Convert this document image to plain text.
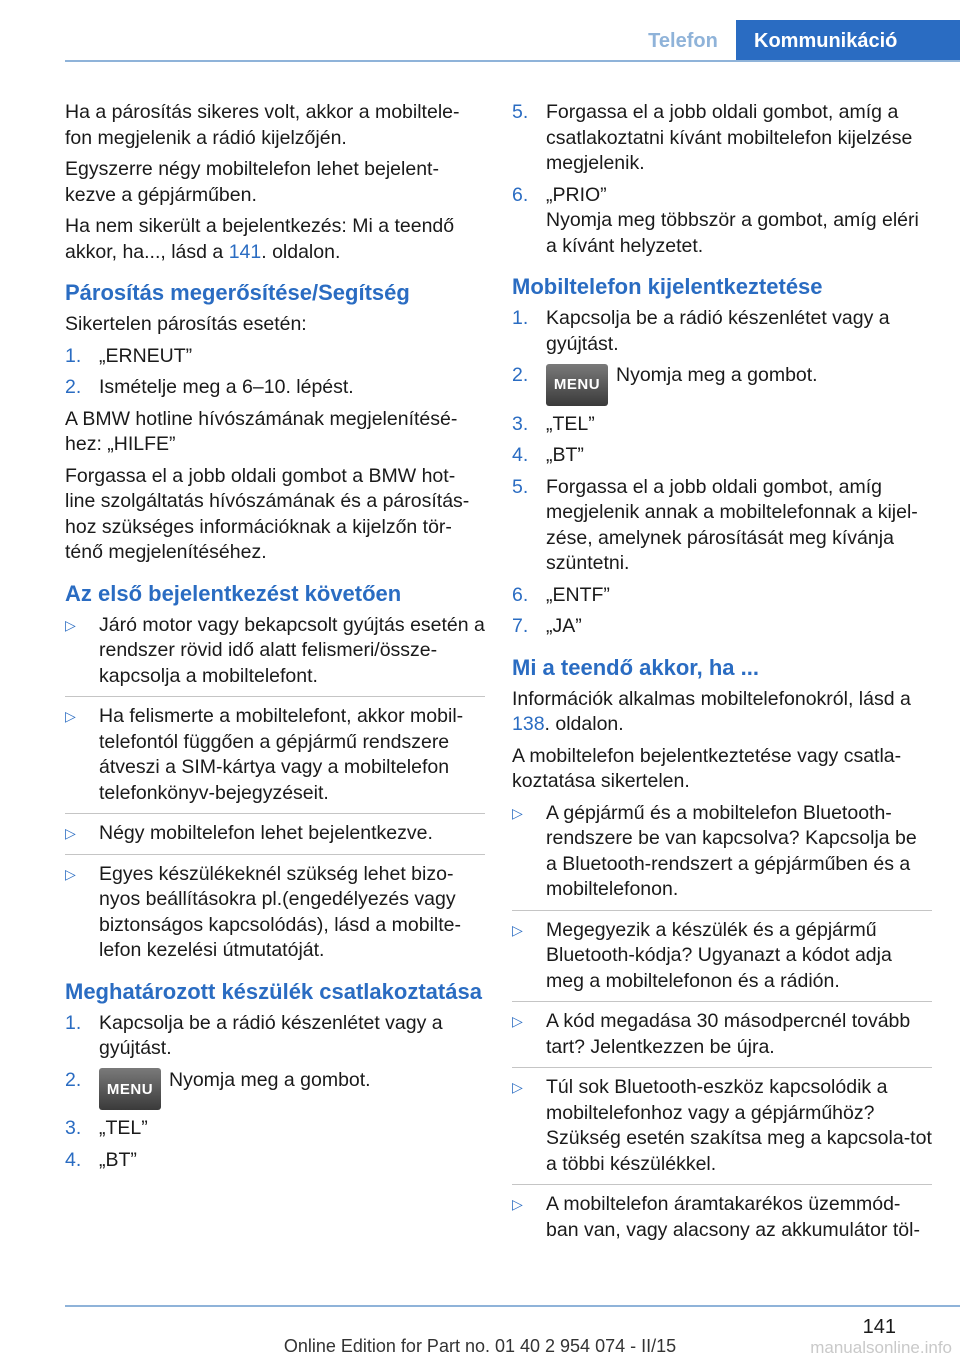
Telefon	Kommunikáció

Ha a párosítás sikeres volt, akkor a mobiltele-fon megjelenik a rádió kijelzőjén.

Egyszerre négy mobiltelefon lehet bejelent-kezve a gépjárműben.

Ha nem sikerült a bejelentkezés: Mi a teendő akkor, ha..., lásd a 141. oldalon.

Párosítás megerősítése/Segítség

Sikertelen párosítás esetén:

1. „ERNEUT”
2. Ismételje meg a 6–10. lépést.

A BMW hotline hívószámának megjelenítésé-hez: „HILFE”

Forgassa el a jobb oldali gombot a BMW hot-line szolgáltatás hívószámának és a párosítás-hoz szükséges információknak a kijelzőn tör-ténő megjelenítéséhez.

Az első bejelentkezést követően
▷	Járó motor vagy bekapcsolt gyújtás esetén a rendszer rövid idő alatt felismeri/össze-kapcsolja a mobiltelefont.
▷	Ha felismerte a mobiltelefont, akkor mobil-telefontól függően a gépjármű rendszere átveszi a SIM-kártya vagy a mobiltelefon telefonkönyv-bejegyzéseit.
▷	Négy mobiltelefon lehet bejelentkezve.
▷	Egyes készülékeknél szükség lehet bizo-nyos beállításokra pl.(engedélyezés vagy biztonságos kapcsolódás), lásd a mobilte-lefon kezelési útmutatóját.
Meghatározott készülék csatlakoztatása
1. Kapcsolja be a rádió készenlétet vagy a gyújtást.
2.	MENU Nyomja meg a gombot.
3. „TEL”
4. „BT”
5. Forgassa el a jobb oldali gombot, amíg a csatlakoztatni kívánt mobiltelefon kijelzése megjelenik.
6. „PRIO”
Nyomja meg többször a gombot, amíg eléri a kívánt helyzetet.
Mobiltelefon kijelentkeztetése
1. Kapcsolja be a rádió készenlétet vagy a gyújtást.
2.	MENU Nyomja meg a gombot.
3. „TEL”
4. „BT”
5. Forgassa el a jobb oldali gombot, amíg megjelenik annak a mobiltelefonnak a kijel-zése, amelynek párosítását meg kívánja szüntetni.
6. „ENTF”
7. „JA”
Mi a teendő akkor, ha ...

Információk alkalmas mobiltelefonokról, lásd a 138. oldalon.

A mobiltelefon bejelentkeztetése vagy csatla-koztatása sikertelen.

▷	A gépjármű és a mobiltelefon Bluetooth-rendszere be van kapcsolva? Kapcsolja be a Bluetooth-rendszert a gépjárműben és a mobiltelefonon.
▷	Megegyezik a készülék és a gépjármű Bluetooth-kódja? Ugyanazt a kódot adja meg a mobiltelefonon és a rádión.
▷	A kód megadása 30 másodpercnél tovább tart? Jelentkezzen be újra.
▷	Túl sok Bluetooth-eszköz kapcsolódik a mobiltelefonhoz vagy a gépjárműhöz? Szükség esetén szakítsa meg a kapcsola-tot a többi készülékkel.
▷	A mobiltelefon áramtakarékos üzemmód-ban van, vagy alacsony az akkumulátor töl-
141
Online Edition for Part no. 01 40 2 954 074 - II/15	manualsonline.info
